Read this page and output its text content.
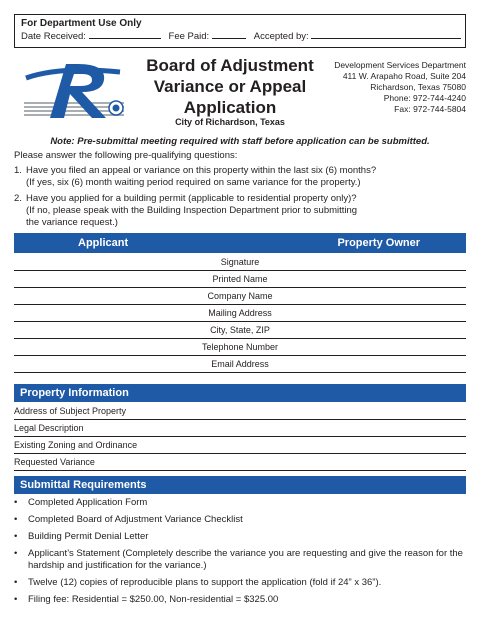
For Department Use Only
Date Received:	Fee Paid:	Accepted by:
Board of Adjustment
Variance or Appeal
Application
City of Richardson, Texas
Development Services Department
411 W. Arapaho Road, Suite 204
Richardson, Texas 75080
Phone: 972-744-4240
Fax: 972-744-5804
Note: Pre-submittal meeting required with staff before application can be submitted.
Please answer the following pre-qualifying questions:
1. Have you filed an appeal or variance on this property within the last six (6) months?
(If yes, six (6) month waiting period required on same variance for the property.)
2. Have you applied for a building permit (applicable to residential property only)?
(If no, please speak with the Building Inspection Department prior to submitting
the variance request.)
Applicant	Property Owner
Signature
Printed Name
Company Name
Mailing Address
City, State, ZIP
Telephone Number
Email Address
Property Information
Address of Subject Property
Legal Description
Existing Zoning and Ordinance
Requested Variance
Submittal Requirements
• Completed Application Form
• Completed Board of Adjustment Variance Checklist
• Building Permit Denial Letter
• Applicant’s Statement (Completely describe the variance you are requesting and give the reason for the
hardship and justification for the variance.)
• Twelve (12) copies of reproducible plans to support the application (fold if 24” x 36”).
• Filing fee: Residential = $250.00, Non-residential = $325.00
